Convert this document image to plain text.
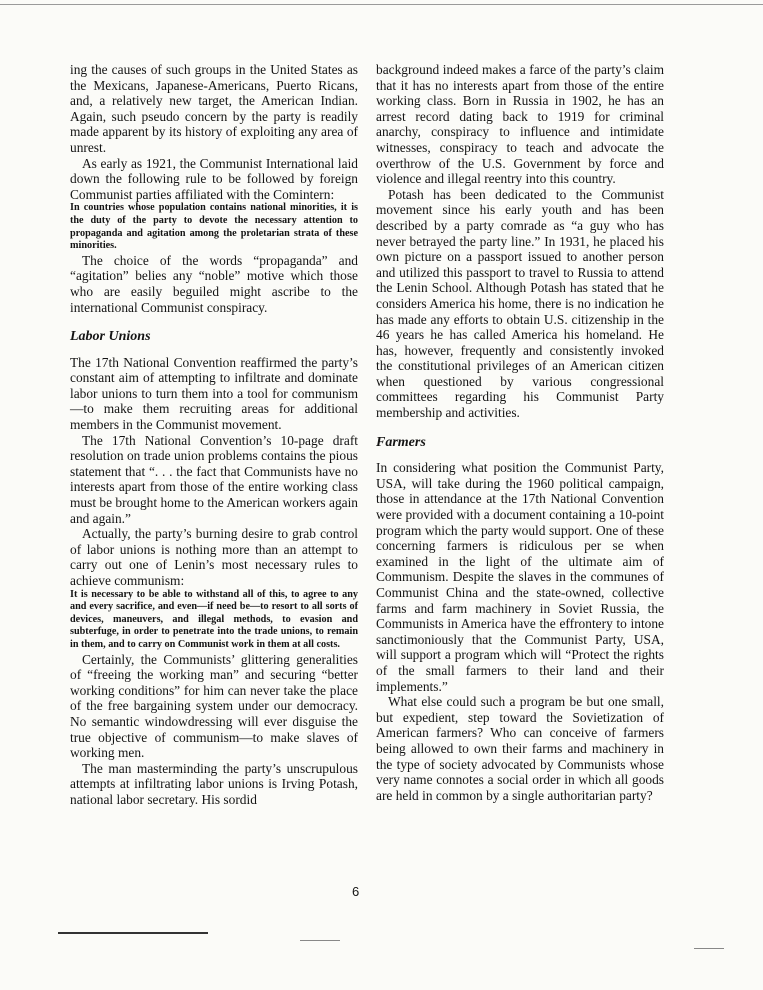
ing the causes of such groups in the United States as the Mexicans, Japanese-Americans, Puerto Ricans, and, a relatively new target, the American Indian. Again, such pseudo concern by the party is readily made apparent by its history of exploiting any area of unrest.

As early as 1921, the Communist International laid down the following rule to be followed by foreign Communist parties affiliated with the Comintern:

In countries whose population contains national minorities, it is the duty of the party to devote the necessary attention to propaganda and agitation among the proletarian strata of these minorities.

The choice of the words “propaganda” and “agitation” belies any “noble” motive which those who are easily beguiled might ascribe to the international Communist conspiracy.

Labor Unions

The 17th National Convention reaffirmed the party’s constant aim of attempting to infiltrate and dominate labor unions to turn them into a tool for communism—to make them recruiting areas for additional members in the Communist movement.

The 17th National Convention’s 10-page draft resolution on trade union problems contains the pious statement that “. . . the fact that Communists have no interests apart from those of the entire working class must be brought home to the American workers again and again.”

Actually, the party’s burning desire to grab control of labor unions is nothing more than an attempt to carry out one of Lenin’s most necessary rules to achieve communism:

It is necessary to be able to withstand all of this, to agree to any and every sacrifice, and even—if need be—to resort to all sorts of devices, maneuvers, and illegal methods, to evasion and subterfuge, in order to penetrate into the trade unions, to remain in them, and to carry on Communist work in them at all costs.

Certainly, the Communists’ glittering generalities of “freeing the working man” and securing “better working conditions” for him can never take the place of the free bargaining system under our democracy. No semantic windowdressing will ever disguise the true objective of communism—to make slaves of working men.

The man masterminding the party’s unscrupulous attempts at infiltrating labor unions is Irving Potash, national labor secretary. His sordid

background indeed makes a farce of the party’s claim that it has no interests apart from those of the entire working class. Born in Russia in 1902, he has an arrest record dating back to 1919 for criminal anarchy, conspiracy to influence and intimidate witnesses, conspiracy to teach and advocate the overthrow of the U.S. Government by force and violence and illegal reentry into this country.

Potash has been dedicated to the Communist movement since his early youth and has been described by a party comrade as “a guy who has never betrayed the party line.” In 1931, he placed his own picture on a passport issued to another person and utilized this passport to travel to Russia to attend the Lenin School. Although Potash has stated that he considers America his home, there is no indication he has made any efforts to obtain U.S. citizenship in the 46 years he has called America his homeland. He has, however, frequently and consistently invoked the constitutional privileges of an American citizen when questioned by various congressional committees regarding his Communist Party membership and activities.

Farmers

In considering what position the Communist Party, USA, will take during the 1960 political campaign, those in attendance at the 17th National Convention were provided with a document containing a 10-point program which the party would support. One of these concerning farmers is ridiculous per se when examined in the light of the ultimate aim of Communism. Despite the slaves in the communes of Communist China and the state-owned, collective farms and farm machinery in Soviet Russia, the Communists in America have the effrontery to intone sanctimoniously that the Communist Party, USA, will support a program which will “Protect the rights of the small farmers to their land and their implements.”

What else could such a program be but one small, but expedient, step toward the Sovietization of American farmers? Who can conceive of farmers being allowed to own their farms and machinery in the type of society advocated by Communists whose very name connotes a social order in which all goods are held in common by a single authoritarian party?

6
